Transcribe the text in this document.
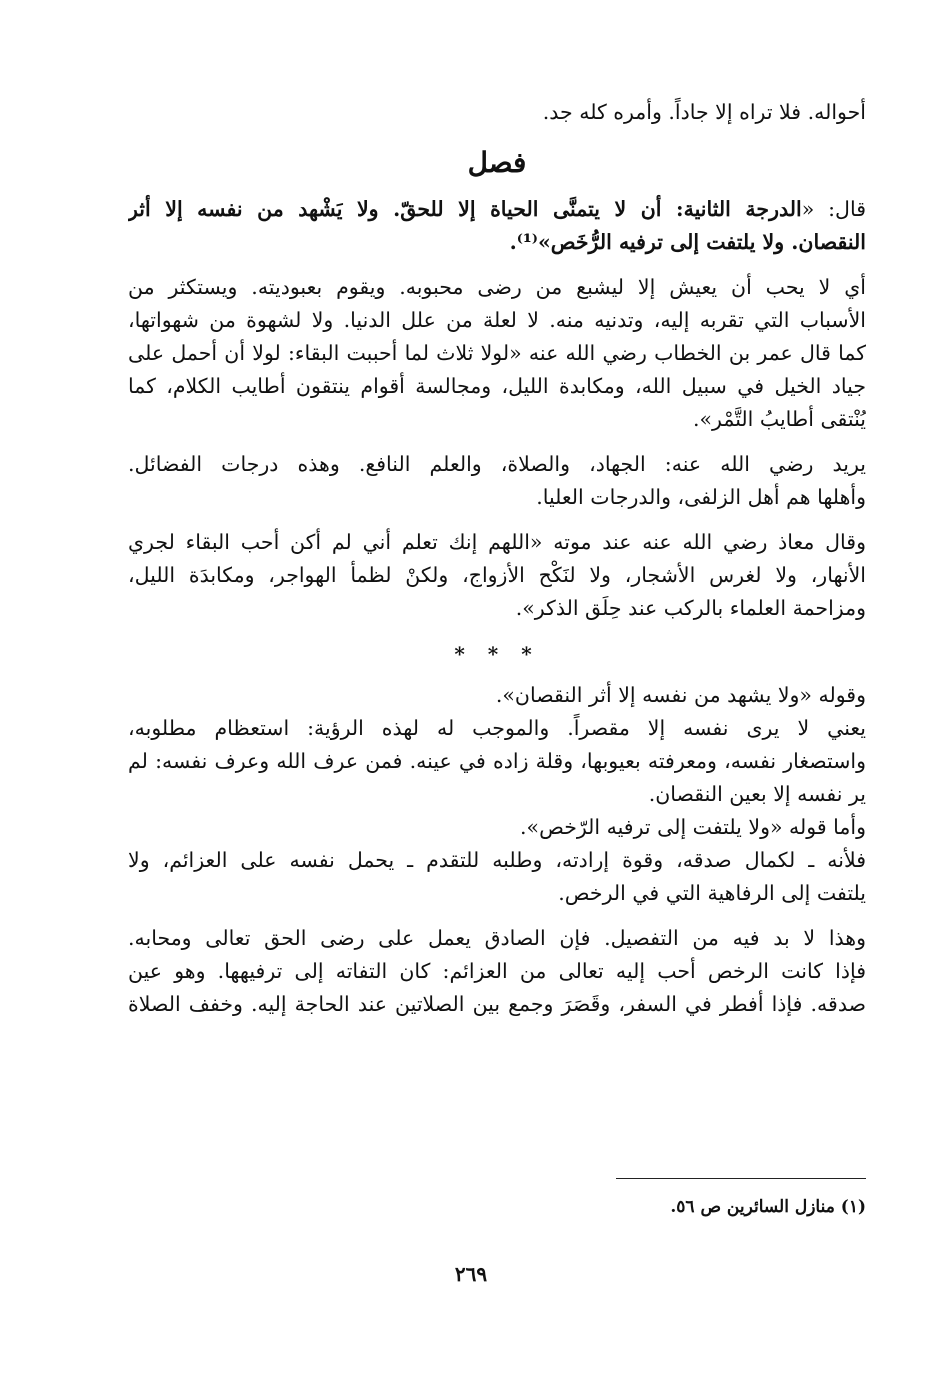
أحواله. فلا تراه إلا جاداً. وأمره كله جد.
فصل
قال: «الدرجة الثانية: أن لا يتمنَّى الحياة إلا للحقّ. ولا يَشْهد من نفسه إلا أثر
النقصان. ولا يلتفت إلى ترفيه الرُّخَص»⁽¹⁾.
أي لا يحب أن يعيش إلا ليشبع من رضى محبوبه. ويقوم بعبوديته. ويستكثر من
الأسباب التي تقربه إليه، وتدنيه منه. لا لعلة من علل الدنيا. ولا لشهوة من شهواتها،
كما قال عمر بن الخطاب رضي الله عنه «لولا ثلاث لما أحببت البقاء: لولا أن أحمل على
جياد الخيل في سبيل الله، ومكابدة الليل، ومجالسة أقوام ينتقون أطايب الكلام، كما
يُنْتقى أطايبُ التَّمْر».
يريد رضي الله عنه: الجهاد، والصلاة، والعلم النافع. وهذه درجات الفضائل.
وأهلها هم أهل الزلفى، والدرجات العليا.
وقال معاذ رضي الله عنه عند موته «اللهم إنك تعلم أني لم أكن أحب البقاء لجري
الأنهار، ولا لغرس الأشجار، ولا لنَكْح الأزواج، ولكنْ لظمأ الهواجر، ومكابدَة الليل،
ومزاحمة العلماء بالركب عند حِلَق الذكر».
* * *
وقوله «ولا يشهد من نفسه إلا أثر النقصان».
يعني لا يرى نفسه إلا مقصراً. والموجب له لهذه الرؤية: استعظام مطلوبه،
واستصغار نفسه، ومعرفته بعيوبها، وقلة زاده في عينه. فمن عرف الله وعرف نفسه: لم
ير نفسه إلا بعين النقصان.
وأما قوله «ولا يلتفت إلى ترفيه الرّخص».
فلأنه ـ لكمال صدقه، وقوة إرادته، وطلبه للتقدم ـ يحمل نفسه على العزائم، ولا
يلتفت إلى الرفاهية التي في الرخص.
وهذا لا بد فيه من التفصيل. فإن الصادق يعمل على رضى الحق تعالى ومحابه.
فإذا كانت الرخص أحب إليه تعالى من العزائم: كان التفاته إلى ترفيهها. وهو عين
صدقه. فإذا أفطر في السفر، وقَصَرَ وجمع بين الصلاتين عند الحاجة إليه. وخفف الصلاة
(١) منازل السائرين ص ٥٦.
٢٦٩
